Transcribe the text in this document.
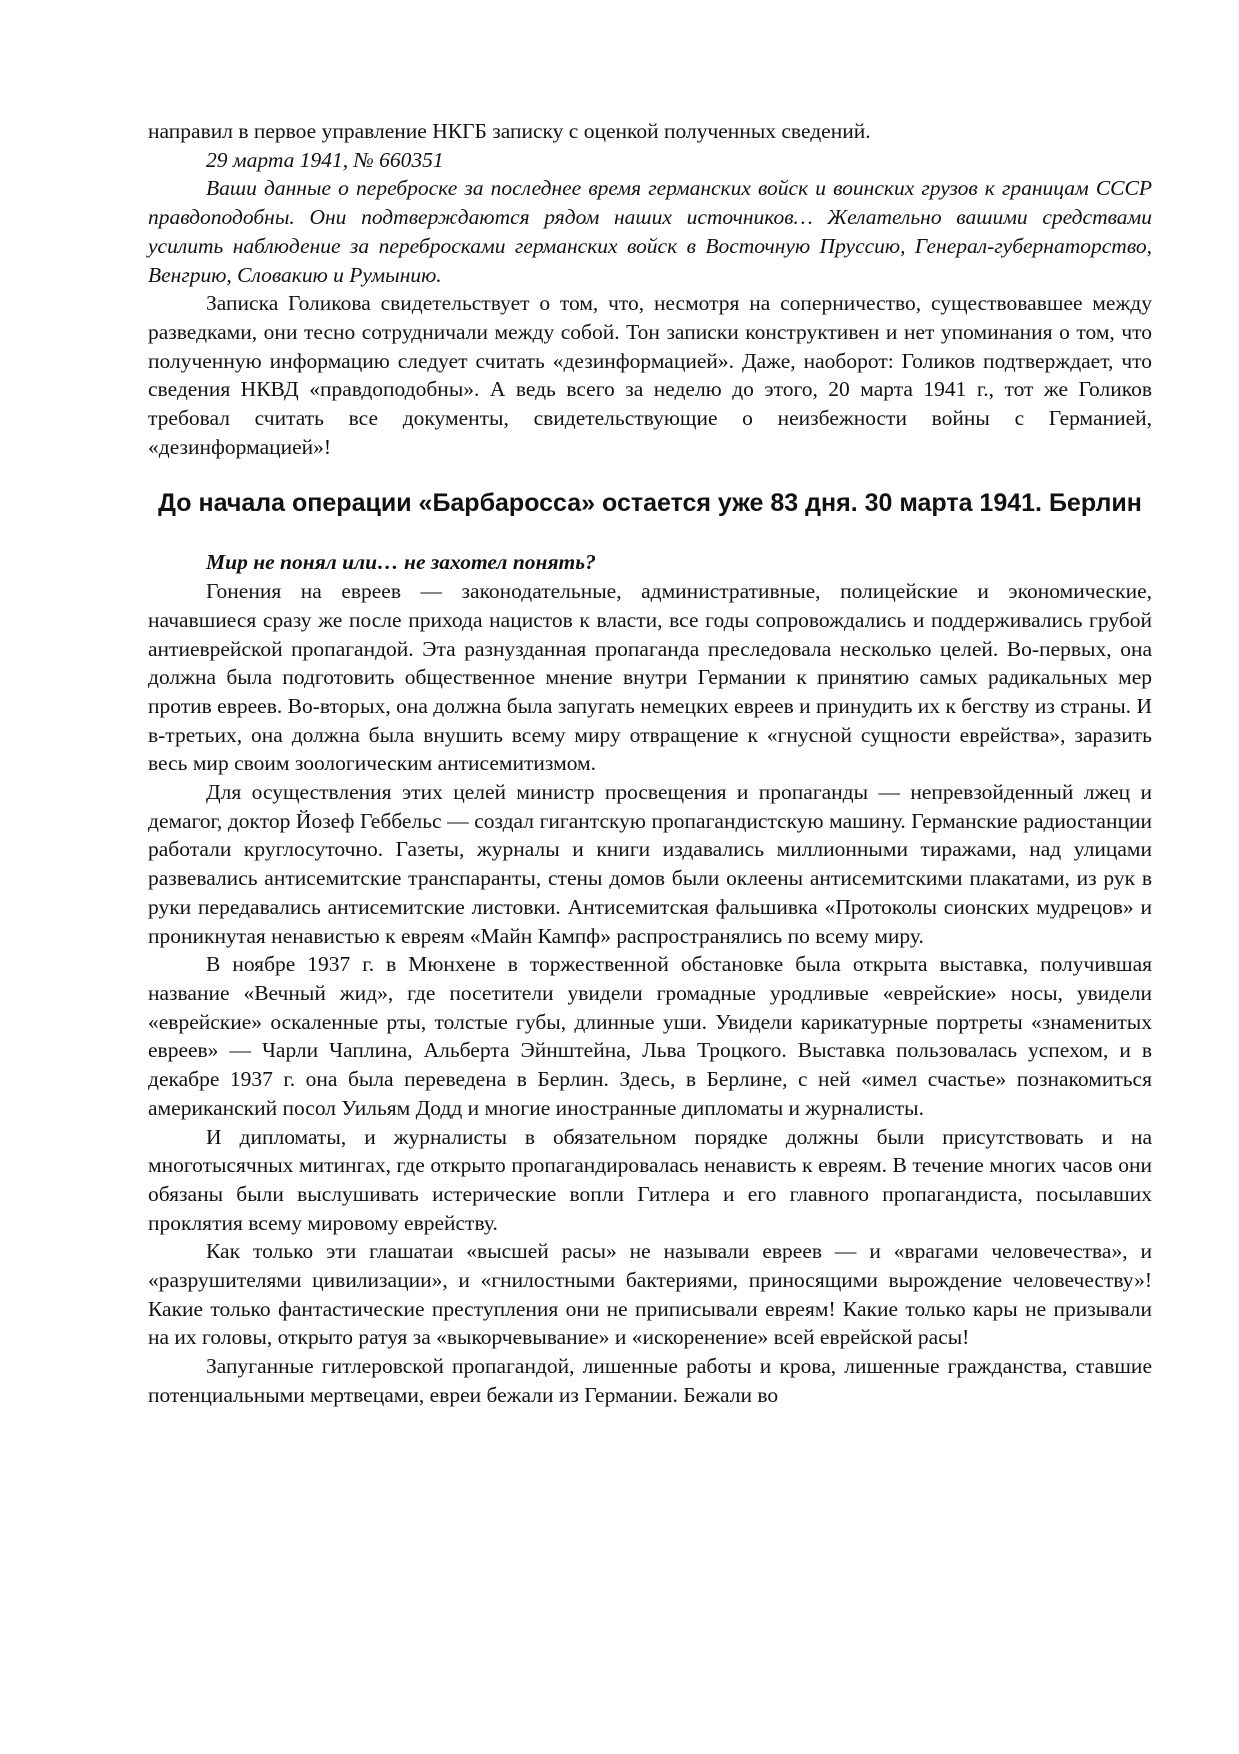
направил в первое управление НКГБ записку с оценкой полученных сведений.

29 марта 1941, № 660351

Ваши данные о переброске за последнее время германских войск и воинских грузов к границам СССР правдоподобны. Они подтверждаются рядом наших источников… Желательно вашими средствами усилить наблюдение за перебросками германских войск в Восточную Пруссию, Генерал-губернаторство, Венгрию, Словакию и Румынию.

Записка Голикова свидетельствует о том, что, несмотря на соперничество, существовавшее между разведками, они тесно сотрудничали между собой. Тон записки конструктивен и нет упоминания о том, что полученную информацию следует считать «дезинформацией». Даже, наоборот: Голиков подтверждает, что сведения НКВД «правдоподобны». А ведь всего за неделю до этого, 20 марта 1941 г., тот же Голиков требовал считать все документы, свидетельствующие о неизбежности войны с Германией, «дезинформацией»!

До начала операции «Барбаросса» остается уже 83 дня. 30 марта 1941. Берлин

Мир не понял или… не захотел понять?

Гонения на евреев — законодательные, административные, полицейские и экономические, начавшиеся сразу же после прихода нацистов к власти, все годы сопровождались и поддерживались грубой антиеврейской пропагандой. Эта разнузданная пропаганда преследовала несколько целей. Во-первых, она должна была подготовить общественное мнение внутри Германии к принятию самых радикальных мер против евреев. Во-вторых, она должна была запугать немецких евреев и принудить их к бегству из страны. И в-третьих, она должна была внушить всему миру отвращение к «гнусной сущности еврейства», заразить весь мир своим зоологическим антисемитизмом.

Для осуществления этих целей министр просвещения и пропаганды — непревзойденный лжец и демагог, доктор Йозеф Геббельс — создал гигантскую пропагандистскую машину. Германские радиостанции работали круглосуточно. Газеты, журналы и книги издавались миллионными тиражами, над улицами развевались антисемитские транспаранты, стены домов были оклеены антисемитскими плакатами, из рук в руки передавались антисемитские листовки. Антисемитская фальшивка «Протоколы сионских мудрецов» и проникнутая ненавистью к евреям «Майн Кампф» распространялись по всему миру.

В ноябре 1937 г. в Мюнхене в торжественной обстановке была открыта выставка, получившая название «Вечный жид», где посетители увидели громадные уродливые «еврейские» носы, увидели «еврейские» оскаленные рты, толстые губы, длинные уши. Увидели карикатурные портреты «знаменитых евреев» — Чарли Чаплина, Альберта Эйнштейна, Льва Троцкого. Выставка пользовалась успехом, и в декабре 1937 г. она была переведена в Берлин. Здесь, в Берлине, с ней «имел счастье» познакомиться американский посол Уильям Додд и многие иностранные дипломаты и журналисты.

И дипломаты, и журналисты в обязательном порядке должны были присутствовать и на многотысячных митингах, где открыто пропагандировалась ненависть к евреям. В течение многих часов они обязаны были выслушивать истерические вопли Гитлера и его главного пропагандиста, посылавших проклятия всему мировому еврейству.

Как только эти глашатаи «высшей расы» не называли евреев — и «врагами человечества», и «разрушителями цивилизации», и «гнилостными бактериями, приносящими вырождение человечеству»! Какие только фантастические преступления они не приписывали евреям! Какие только кары не призывали на их головы, открыто ратуя за «выкорчевывание» и «искоренение» всей еврейской расы!

Запуганные гитлеровской пропагандой, лишенные работы и крова, лишенные гражданства, ставшие потенциальными мертвецами, евреи бежали из Германии. Бежали во
